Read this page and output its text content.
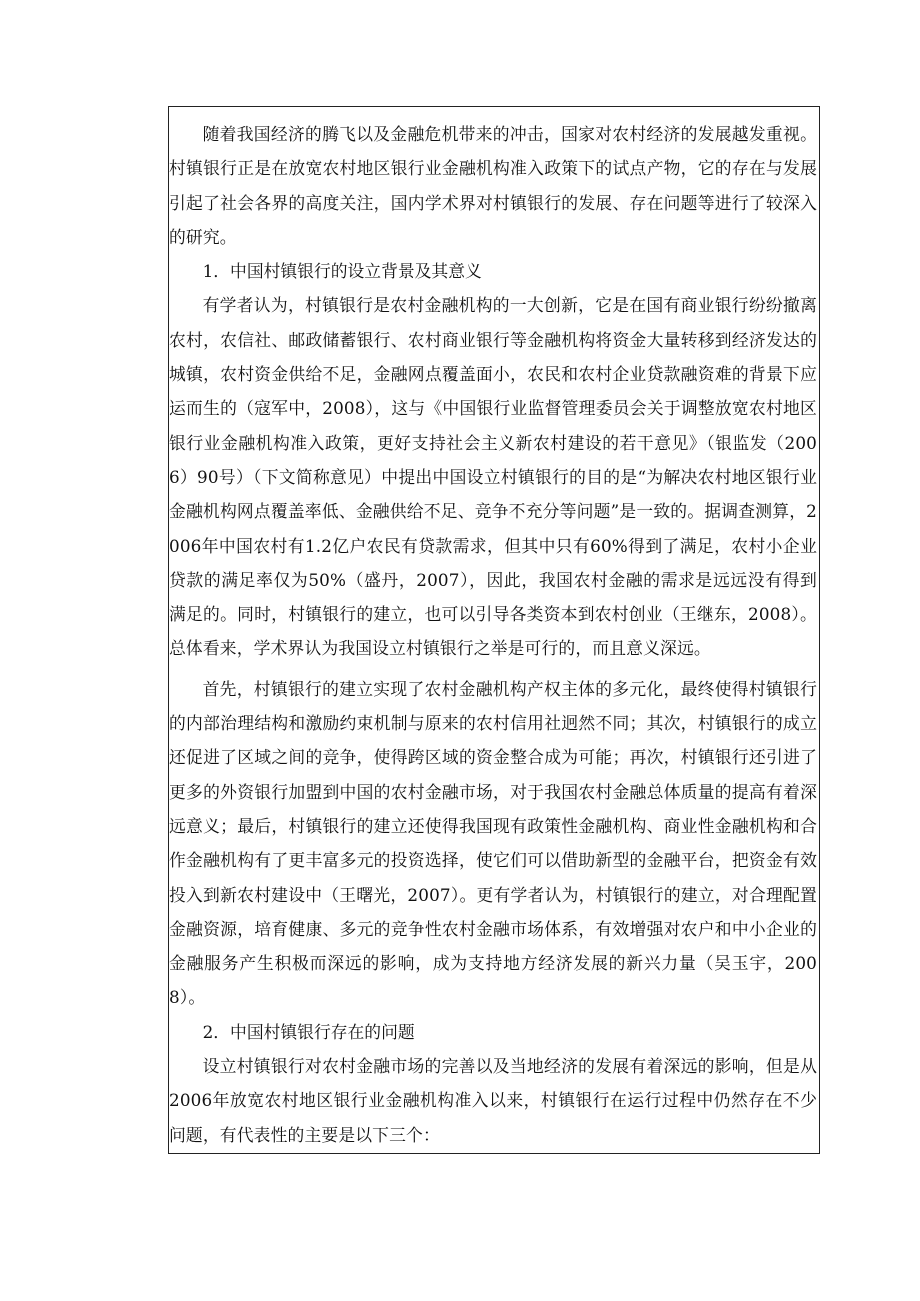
随着我国经济的腾飞以及金融危机带来的冲击，国家对农村经济的发展越发重视。村镇银行正是在放宽农村地区银行业金融机构准入政策下的试点产物，它的存在与发展引起了社会各界的高度关注，国内学术界对村镇银行的发展、存在问题等进行了较深入的研究。

1．中国村镇银行的设立背景及其意义

有学者认为，村镇银行是农村金融机构的一大创新，它是在国有商业银行纷纷撤离农村，农信社、邮政储蓄银行、农村商业银行等金融机构将资金大量转移到经济发达的城镇，农村资金供给不足，金融网点覆盖面小，农民和农村企业贷款融资难的背景下应运而生的（寇军中，2008），这与《中国银行业监督管理委员会关于调整放宽农村地区银行业金融机构准入政策，更好支持社会主义新农村建设的若干意见》（银监发（2006）90号）（下文简称意见）中提出中国设立村镇银行的目的是“为解决农村地区银行业金融机构网点覆盖率低、金融供给不足、竞争不充分等问题”是一致的。据调查测算，2006年中国农村有1.2亿户农民有贷款需求，但其中只有60%得到了满足，农村小企业贷款的满足率仅为50%（盛丹，2007），因此，我国农村金融的需求是远远没有得到满足的。同时，村镇银行的建立，也可以引导各类资本到农村创业（王继东，2008）。总体看来，学术界认为我国设立村镇银行之举是可行的，而且意义深远。

首先，村镇银行的建立实现了农村金融机构产权主体的多元化，最终使得村镇银行的内部治理结构和激励约束机制与原来的农村信用社迥然不同；其次，村镇银行的成立还促进了区域之间的竞争，使得跨区域的资金整合成为可能；再次，村镇银行还引进了更多的外资银行加盟到中国的农村金融市场，对于我国农村金融总体质量的提高有着深远意义；最后，村镇银行的建立还使得我国现有政策性金融机构、商业性金融机构和合作金融机构有了更丰富多元的投资选择，使它们可以借助新型的金融平台，把资金有效投入到新农村建设中（王曙光，2007）。更有学者认为，村镇银行的建立，对合理配置金融资源，培育健康、多元的竞争性农村金融市场体系，有效增强对农户和中小企业的金融服务产生积极而深远的影响，成为支持地方经济发展的新兴力量（吴玉宇，2008）。

2．中国村镇银行存在的问题

设立村镇银行对农村金融市场的完善以及当地经济的发展有着深远的影响，但是从2006年放宽农村地区银行业金融机构准入以来，村镇银行在运行过程中仍然存在不少问题，有代表性的主要是以下三个：
